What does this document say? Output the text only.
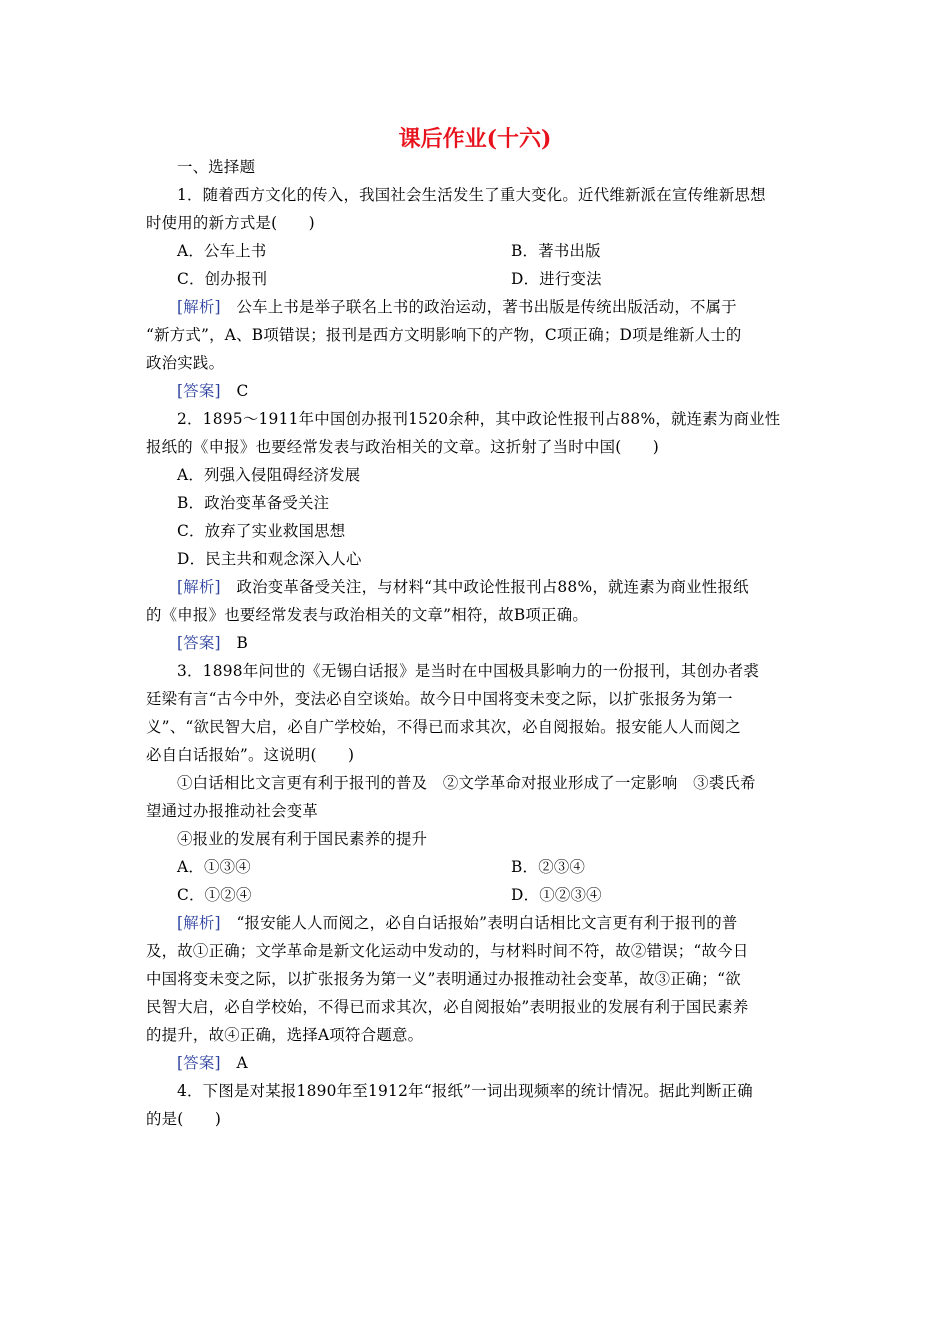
课后作业(十六)
一、选择题
1．随着西方文化的传入，我国社会生活发生了重大变化。近代维新派在宣传维新思想
时使用的新方式是(　　)
A．公车上书	B．著书出版
C．创办报刊	D．进行变法
[解析]　公车上书是举子联名上书的政治运动，著书出版是传统出版活动，不属于
“新方式”，A、B项错误；报刊是西方文明影响下的产物，C项正确；D项是维新人士的
政治实践。
[答案]　C
2．1895～1911年中国创办报刊1520余种，其中政论性报刊占88%，就连素为商业性
报纸的《申报》也要经常发表与政治相关的文章。这折射了当时中国(　　)
A．列强入侵阻碍经济发展
B．政治变革备受关注
C．放弃了实业救国思想
D．民主共和观念深入人心
[解析]　政治变革备受关注，与材料“其中政论性报刊占88%，就连素为商业性报纸
的《申报》也要经常发表与政治相关的文章”相符，故B项正确。
[答案]　B
3．1898年问世的《无锡白话报》是当时在中国极具影响力的一份报刊，其创办者裘
廷梁有言“古今中外，变法必自空谈始。故今日中国将变未变之际，以扩张报务为第一
义”、“欲民智大启，必自广学校始，不得已而求其次，必自阅报始。报安能人人而阅之
必自白话报始”。这说明(　　)
①白话相比文言更有利于报刊的普及　②文学革命对报业形成了一定影响　③裘氏希
望通过办报推动社会变革
④报业的发展有利于国民素养的提升
A．①③④	B．②③④
C．①②④	D．①②③④
[解析]　“报安能人人而阅之，必自白话报始”表明白话相比文言更有利于报刊的普
及，故①正确；文学革命是新文化运动中发动的，与材料时间不符，故②错误；“故今日
中国将变未变之际，以扩张报务为第一义”表明通过办报推动社会变革，故③正确；“欲
民智大启，必自学校始，不得已而求其次，必自阅报始”表明报业的发展有利于国民素养
的提升，故④正确，选择A项符合题意。
[答案]　A
4．下图是对某报1890年至1912年“报纸”一词出现频率的统计情况。据此判断正确
的是(　　)
